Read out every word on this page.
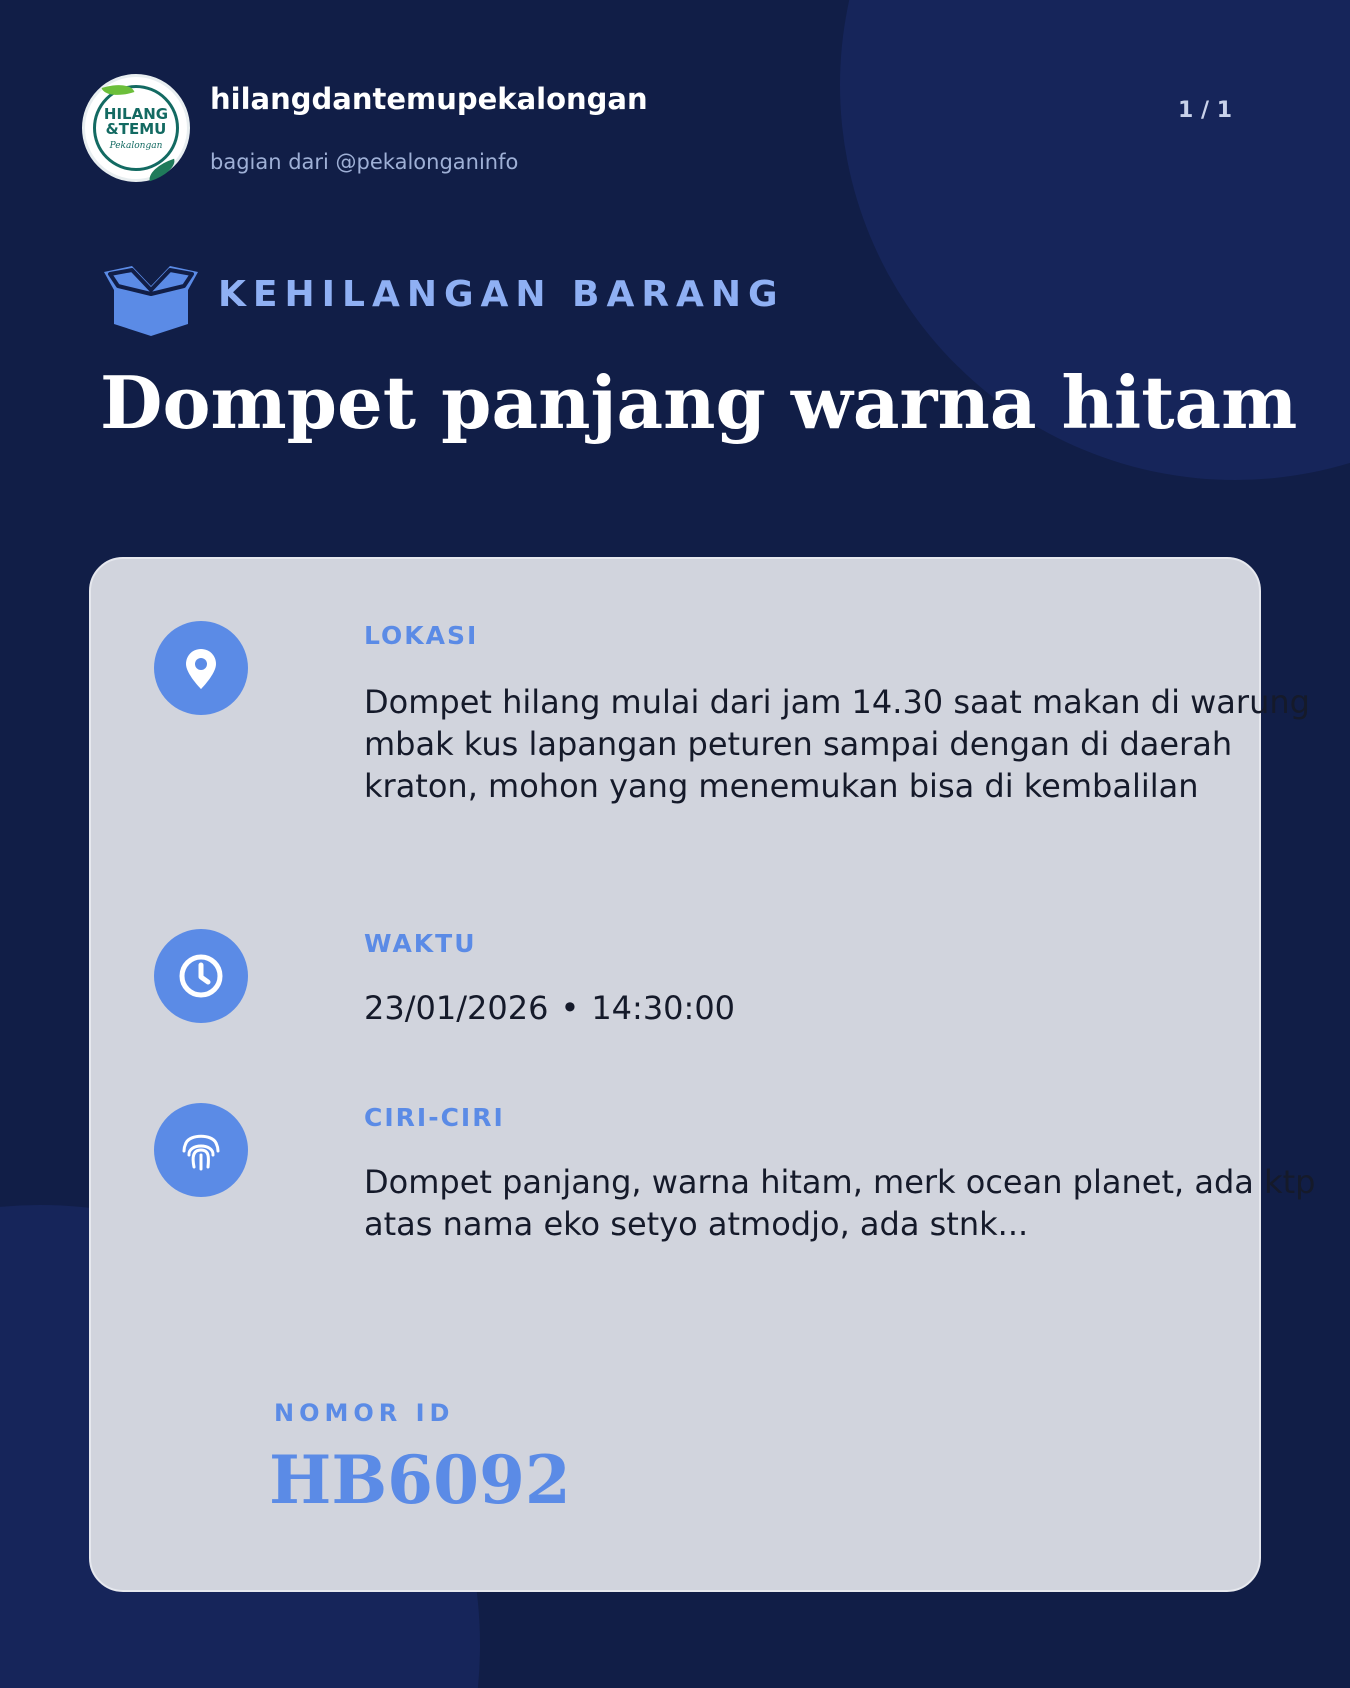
HILANG
&TEMU
Pekalongan
hilangdantemupekalongan
bagian dari @pekalonganinfo
1 / 1
KEHILANGAN BARANG
Dompet panjang warna hitam
LOKASI
Dompet hilang mulai dari jam 14.30 saat makan di warung mbak kus lapangan peturen sampai dengan di daerah kraton, mohon yang menemukan bisa di kembalilan
WAKTU
23/01/2026 • 14:30:00
CIRI-CIRI
Dompet panjang, warna hitam, merk ocean planet, ada ktp atas nama eko setyo atmodjo, ada stnk...
NOMOR ID
HB6092
